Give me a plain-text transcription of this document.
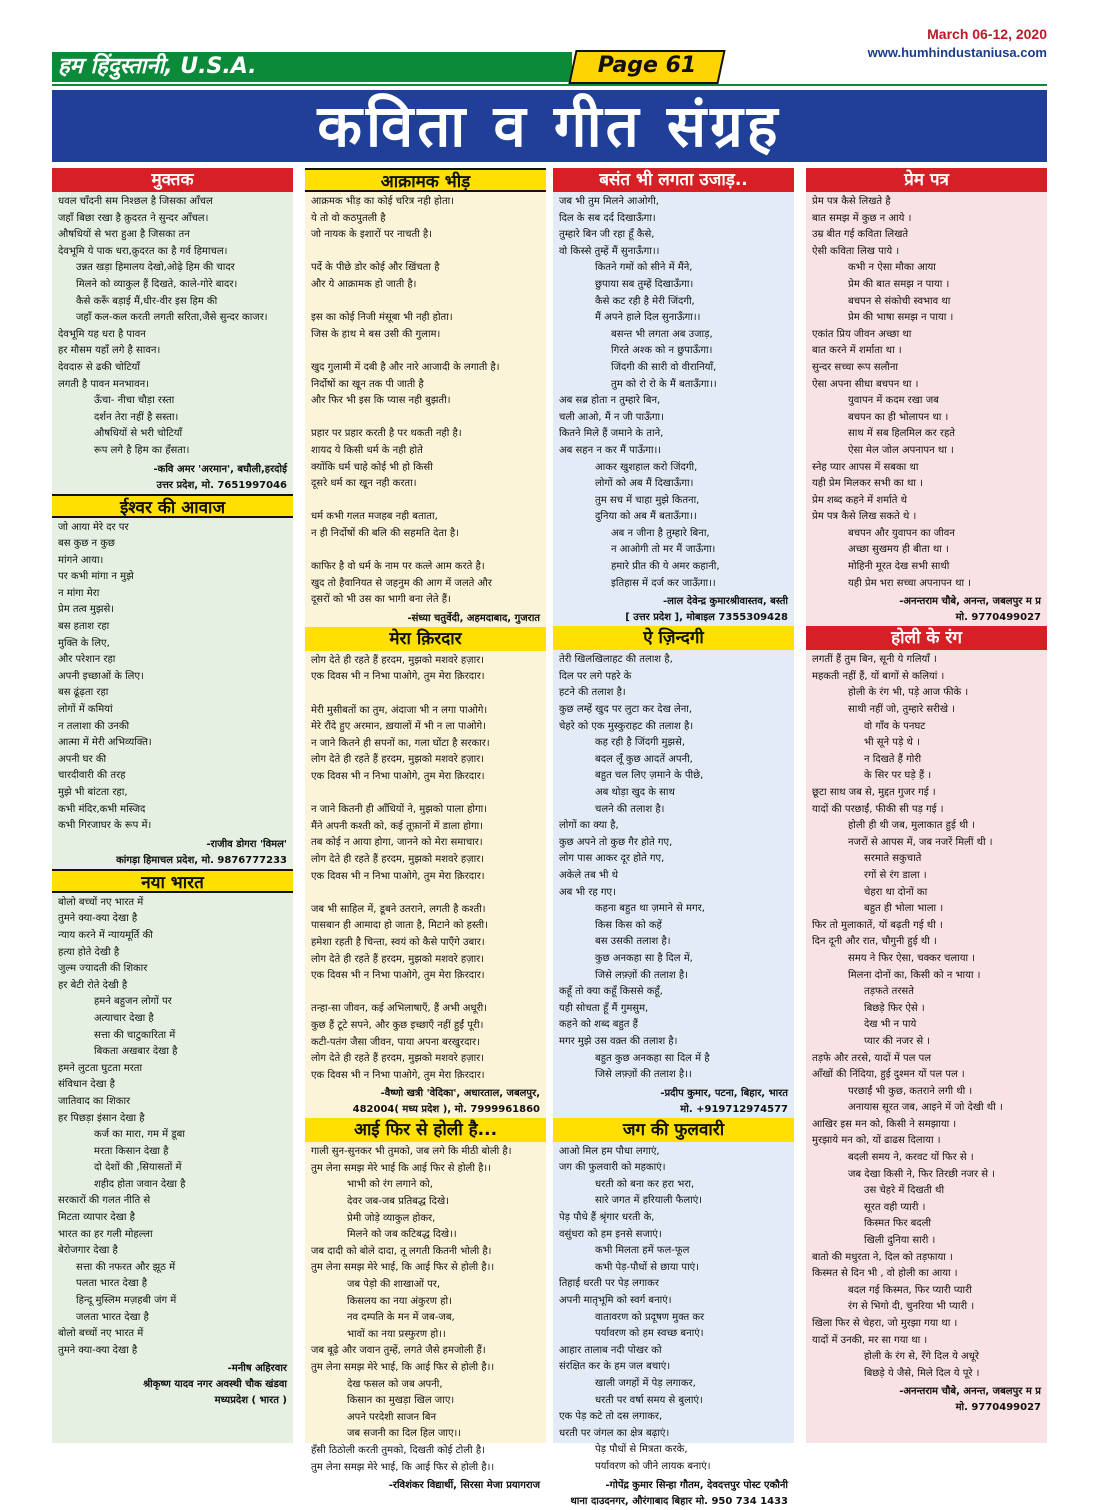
हम हिंदुस्तानी, U.S.A.	Page 61
March 06-12, 2020
www.humhindustaniusa.com
कविता व गीत संग्रह
मुक्तक
धवल चाँदनी सम निश्छल है जिसका आँचल
जहाँ बिछा रखा है क़ुदरत ने सुन्दर आँचल।
औषधियों से भरा हुआ है जिसका तन
देवभूमि ये पाक धरा,क़ुदरत का है गर्व हिमाचल।
उन्नत खड़ा हिमालय देखो,ओढ़े हिम की चादर
मिलने को व्याकुल हैं दिखते, काले-गोरे बादर।
कैसे करूँ बड़ाई मैं,धीर-वीर इस हिम की
जहाँ कल-कल करती लगती सरिता,जैसे सुन्दर काजर।
देवभूमि यह धरा है पावन
हर मौसम यहाँ लगे है सावन।
देवदारु से ढकी चोटियाँ
लगती है पावन मनभावन।
ऊँचा- नीचा चौड़ा रस्ता
दर्शन तेरा नहीं है सस्ता।
औषधियों से भरी चोटियाँ
रूप लगे है हिम का हँसता।
-कवि अमर 'अरमान', बघौली,हरदोई
उत्तर प्रदेश, मो. 7651997046
ईश्वर की आवाज
जो आया मेरे दर पर
बस कुछ न कुछ
मांगने आया।
पर कभी मांगा न मुझे
न मांगा मेरा
प्रेम तत्व मुझसे।
बस हताश रहा
मुक्ति के लिए,
और परेशान रहा
अपनी इच्छाओं के लिए।
बस ढूंढ़ता रहा
लोगों में कमियां
न तलाशा की उनकी
आत्मा में मेरी अभिव्यक्ति।
अपनी घर की
चारदीवारी की तरह
मुझे भी बांटता रहा,
कभी मंदिर,कभी मस्जिद
कभी गिरजाघर के रूप में।
-राजीव डोगरा 'विमल'
कांगड़ा हिमाचल प्रदेश, मो. 9876777233
नया भारत
बोलो बच्चों नए भारत में
तुमने क्या-क्या देखा है
न्याय करने में न्यायमूर्ति की
हत्या होते देखी है
जुल्म ज्यादती की शिकार
हर बेटी रोते देखी है
हमने बहुजन लोगों पर
अत्याचार देखा है
सत्ता की चाटुकारिता में
बिकता अखबार देखा है
हमने लुटता घुटता मरता
संविधान देखा है
जातिवाद का शिकार
हर पिछड़ा इंसान देखा है
कर्ज का मारा, गम में डूबा
मरता किसान देखा है
दो देशों की ,सियासतों में
शहीद होता जवान देखा है
सरकारों की गलत नीति से
मिटता व्यापार देखा है
भारत का हर गली मोहल्ला
बेरोजगार देखा है
सत्ता की नफरत और झूठ में
पलता भारत देखा है
हिन्दू मुस्लिम मज़हबी जंग में
जलता भारत देखा है
बोलो बच्चों नए भारत में
तुमने क्या-क्या देखा है
-मनीष अहिरवार
श्रीकृष्ण यादव नगर अवस्थी चौक खंडवा
मध्यप्रदेश ( भारत )
आक्रामक भीड़
आक्रमक भीड़ का कोई चरित्र नही होता।
ये तो वो कठपुतली है
जो नायक के इशारों पर नाचती है।
पर्दे के पीछे डोर कोई और खिंचता है
और ये आक्रामक हो जाती है।
इस का कोई निजी मंसूबा भी नही होता।
जिस के हाथ मे बस उसी की गुलाम।
खुद गुलामी में दबी है और नारे आजादी के लगाती है।
निर्दोषों का खून तक पी जाती है
और फिर भी इस कि प्यास नही बुझती।
प्रहार पर प्रहार करती है पर थकती नही है।
शायद ये किसी धर्म के नही होते
क्योंकि धर्म चाहे कोई भी हो किसी
दूसरे धर्म का खून नही करता।
धर्म कभी गलत मजहब नही बताता,
न ही निर्दोषों की बलि की सहमति देता है।
काफिर है वो धर्म के नाम पर कत्ले आम करते है।
खुद तो हैवानियत से जहनुम की आग में जलते और
दूसरों को भी उस का भागी बना लेते हैं।
-संध्या चतुर्वेदी, अहमदाबाद, गुजरात
मेरा क़िरदार
लोग देते ही रहते हैं हरदम, मुझको मशवरे हज़ार।
एक दिवस भी न निभा पाओगे, तुम मेरा क़िरदार।
मेरी मुसीबतों का तुम, अंदाजा भी न लगा पाओगे।
मेरे रौंदे हुए अरमान, ख़यालों में भी न ला पाओगे।
न जाने कितने ही सपनों का, गला घोंटा है सरकार।
लोग देते ही रहते हैं हरदम, मुझको मशवरे हज़ार।
एक दिवस भी न निभा पाओगे, तुम मेरा क़िरदार।
न जाने कितनी ही आँधियों ने, मुझको पाला होगा।
मैंने अपनी कश्ती को, कई तूफ़ानों में डाला होगा।
तब कोई न आया होगा, जानने को मेरा समाचार।
लोग देते ही रहते हैं हरदम, मुझको मशवरे हज़ार।
एक दिवस भी न निभा पाओगे, तुम मेरा क़िरदार।
जब भी साहिल में, डूबने उतराने, लगती है कश्ती।
पासबान ही आमादा हो जाता है, मिटाने को हस्ती।
हमेशा रहती है चिन्ता, स्वयं को कैसे पाएँगे उबार।
लोग देते ही रहते हैं हरदम, मुझको मशवरे हज़ार।
एक दिवस भी न निभा पाओगे, तुम मेरा क़िरदार।
तन्हा-सा जीवन, कई अभिलाषाएँ, हैं अभी अधूरी।
कुछ हैं टूटे सपने, और कुछ इच्छाएँ नहीं हुईं पूरी।
कटी-पतंग जैसा जीवन, पाया अपना बरखुरदार।
लोग देते ही रहते हैं हरदम, मुझको मशवरे हज़ार।
एक दिवस भी न निभा पाओगे, तुम मेरा क़िरदार।
-वैष्णो खत्री 'वेदिका', अधारताल, जबलपुर,
482004( मध्य प्रदेश ), मो. 7999961860
आई फिर से होली है...
गाली सुन-सुनकर भी तुमको, जब लगे कि मीठी बोली है।
तुम लेना समझ मेरे भाई कि आई फिर से होली है।।
भाभी को रंग लगाने को,
देवर जब-जब प्रतिबद्ध दिखे।
प्रेमी जोड़े व्याकुल होकर,
मिलने को जब कटिबद्ध दिखे।।
जब दादी को बोले दादा, तू लगती कितनी भोली है।
तुम लेना समझ मेरे भाई, कि आई फिर से होली है।।
जब पेड़ो की शाखाओं पर,
किसलय का नया अंकुरण हो।
नव दम्पति के मन में जब-जब,
भावों का नया प्रस्फुरण हो।।
जब बूढ़े और जवान तुम्हें, लगते जैसे हमजोली हैं।
तुम लेना समझ मेरे भाई, कि आई फिर से होली है।।
देख फसल को जब अपनी,
किसान का मुखड़ा खिल जाए।
अपने परदेशी साजन बिन
जब सजनी का दिल हिल जाए।।
हँसी ठिठोली करती तुमको, दिखती कोई टोली है।
तुम लेना समझ मेरे भाई, कि आई फिर से होली है।।
-रविशंकर विद्यार्थी, सिरसा मेजा प्रयागराज
बसंत भी लगता उजाड़..
जब भी तुम मिलने आओगी,
दिल के सब दर्द दिखाऊँगा।
तुम्हारे बिन जी रहा हूँ कैसे,
वो किस्से तुम्हें मैं सुनाऊँगा।।
कितने गमों को सीने में मैंने,
छुपाया सब तुम्हें दिखाऊँगा।
कैसे कट रही है मेरी जिंदगी,
मैं अपने हाले दिल सुनाऊँगा।।
बसन्त भी लगता अब उजाड़,
गिरते अश्क को न छुपाऊँगा।
जिंदगी की सारी वो वीरानियाँ,
तुम को रो रो के मैं बताऊँगा।।
अब सब्र होता न तुम्हारे बिन,
चली आओ, मैं न जी पाऊँगा।
कितने मिले हैं जमाने के ताने,
अब सहन न कर मैं पाऊँगा।।
आकर खुशहाल करो जिंदगी,
लोगों को अब मैं दिखाऊँगा।
तुम सच में चाहा मुझे कितना,
दुनिया को अब मैं बताऊँगा।।
अब न जीना है तुम्हारे बिना,
न आओगी तो मर मैं जाऊँगा।
हमारे प्रीत की ये अमर कहानी,
इतिहास में दर्ज कर जाऊँगा।।
-लाल देवेन्द्र कुमारश्रीवास्तव, बस्ती
[ उत्तर प्रदेश ], मोबाइल 7355309428
ऐ ज़िन्दगी
तेरी खिलखिलाहट की तलाश है,
दिल पर लगे पहरे के
हटने की तलाश है।
कुछ लम्हें खुद पर लुटा कर देख लेना,
चेहरे को एक मुस्कुराहट की तलाश है।
कह रही है जिंदगी मुझसे,
बदल लूँ कुछ आदतें अपनी,
बहुत चल लिए ज़माने के पीछे,
अब थोड़ा खुद के साथ
चलने की तलाश है।
लोगों का क्या है,
कुछ अपने तो कुछ गैर होते गए,
लोग पास आकर दूर होते गए,
अकेले तब भी थे
अब भी रह गए।
कहना बहुत था ज़माने से मगर,
किस किस को कहें
बस उसकी तलाश है।
कुछ अनकहा सा है दिल में,
जिसे लफ़्ज़ों की तलाश है।
कहूँ तो क्या कहूँ किससे कहूँ,
यही सोचता हूँ मैं गुमसुम,
कहने को शब्द बहुत हैं
मगर मुझे उस वक़्त की तलाश है।
बहुत कुछ अनकहा सा दिल में है
जिसे लफ़्ज़ों की तलाश है।।
-प्रदीप कुमार, पटना, बिहार, भारत
मो. +919712974577
जग की फुलवारी
आओ मिल हम पौधा लगाएं,
जग की फुलवारी को महकाएं।
धरती को बना कर हरा भरा,
सारे जगत में हरियाली फैलाएं।
पेड़ पौधे हैं श्रृंगार धरती के,
वसुंधरा को हम इनसे सजाएं।
कभी मिलता हमें फल-फूल
कभी पेड़-पौधों से छाया पाएं।
तिहाई धरती पर पेड़ लगाकर
अपनी मातृभूमि को स्वर्ग बनाएं।
वातावरण को प्रदूषण मुक्त कर
पर्यावरण को हम स्वच्छ बनाएं।
आहार तालाब नदी पोखर को
संरक्षित कर के हम जल बचाएं।
खाली जगहों में पेड़ लगाकर,
धरती पर वर्षा समय से बुलाएं।
एक पेड़ कटे तो दस लगाकर,
धरती पर जंगल का क्षेत्र बढ़ाएं।
पेड़ पौधों से मित्रता करके,
पर्यावरण को जीने लायक बनाएं।
-गोपेंद्र कुमार सिन्हा गौतम, देवदत्तपुर पोस्ट एकौनी
थाना दाउदनगर, औरंगाबाद बिहार मो. 950 734 1433
प्रेम पत्र
प्रेम पत्र कैसे लिखते है
बात समझ में कुछ न आये ।
उम्र बीत गई कविता लिखते
ऐसी कविता लिख पाये ।
कभी न ऐसा मौका आया
प्रेम की बात समझ न पाया ।
बचपन से संकोची स्वभाव था
प्रेम की भाषा समझ न पाया ।
एकांत प्रिय जीवन अच्छा था
बात करने में शर्माता था ।
सुन्दर सच्चा रूप सलौना
ऐसा अपना सीधा बचपन था ।
युवापन में कदम रखा जब
बचपन का ही भोलापन था ।
साथ में सब हिलमिल कर रहते
ऐसा मेल जोल अपनापन था ।
स्नेह प्यार आपस में सबका था
यही प्रेम मिलकर सभी का था ।
प्रेम शब्द कहने में शर्माते थे
प्रेम पत्र कैसे लिख सकते थे ।
बचपन और युवापन का जीवन
अच्छा सुखमय ही बीता था ।
मोहिनी मूरत देख सभी साथी
यही प्रेम भरा सच्चा अपनापन था ।
-अनन्तराम चौबे, अनन्त, जबलपुर म प्र
मो. 9770499027
होली के रंग
लगतीं हैं तुम बिन, सूनी ये गलियाँ ।
महकती नहीं हैं, यों बागों से कलियां ।
होली के रंग भी, पड़े आज फीके ।
साथी नहीं जो, तुम्हारे सरीखे ।
वो गाँव के पनघट
भी सूने पड़े थे ।
न दिखते हैं गोरी
के सिर पर घड़े हैं ।
छूटा साथ जब से, मुद्दत गुजर गई ।
यादों की परछाईं, फीकी सी पड़ गई ।
होली ही थी जब, मुलाकात हुई थी ।
नजरों से आपस में, जब नजरें मिलीं थी ।
सरमाते सकुचाते
रगों से रंग डाला ।
चेहरा था दोनों का
बहुत ही भोला भाला ।
फिर तो मुलाकातें, यों बढ़ती गई थी ।
दिन दूनी और रात, चौगुनी हुई थी ।
समय ने फिर ऐसा, चक्कर चलाया ।
मिलना दोनों का, किसी को न भाया ।
तड़फते तरसते
बिछड़े फिर ऐसे ।
देख भी न पाये
प्यार की नजर से ।
तड़फे और तरसे, यादों में पल पल
आँखों की निंदिया, हुई दुश्मन यों पल पल ।
परछाईं भी कुछ, कतराने लगी थी ।
अनायास सूरत जब, आइने में जो देखी थी ।
आखिर इस मन को, किसी ने समझाया ।
मुरझाये मन को, यों ढाढस दिलाया ।
बदली समय ने, करवट यों फिर से ।
जब देखा किसी ने, फिर तिरछी नजर से ।
उस चेहरे में दिखती थी
सूरत वही प्यारी ।
किस्मत फिर बदली
खिली दुनिया सारी ।
बातो की मधुरता ने, दिल को तड़फाया ।
किस्मत से दिन भी , वो होली का आया ।
बदल गई किस्मत, फिर प्यारी प्यारी
रंग से भिगो दी, चुनरिया भी प्यारी ।
खिला फिर से चेहरा, जो मुरझा गया था ।
यादों में उनकी, मर सा गया था ।
होली के रंग से, रँगे दिल ये अधूरे
बिछड़े ये जैसे, मिले दिल ये पूरे ।
-अनन्तराम चौबे, अनन्त, जबलपुर म प्र
मो. 9770499027
